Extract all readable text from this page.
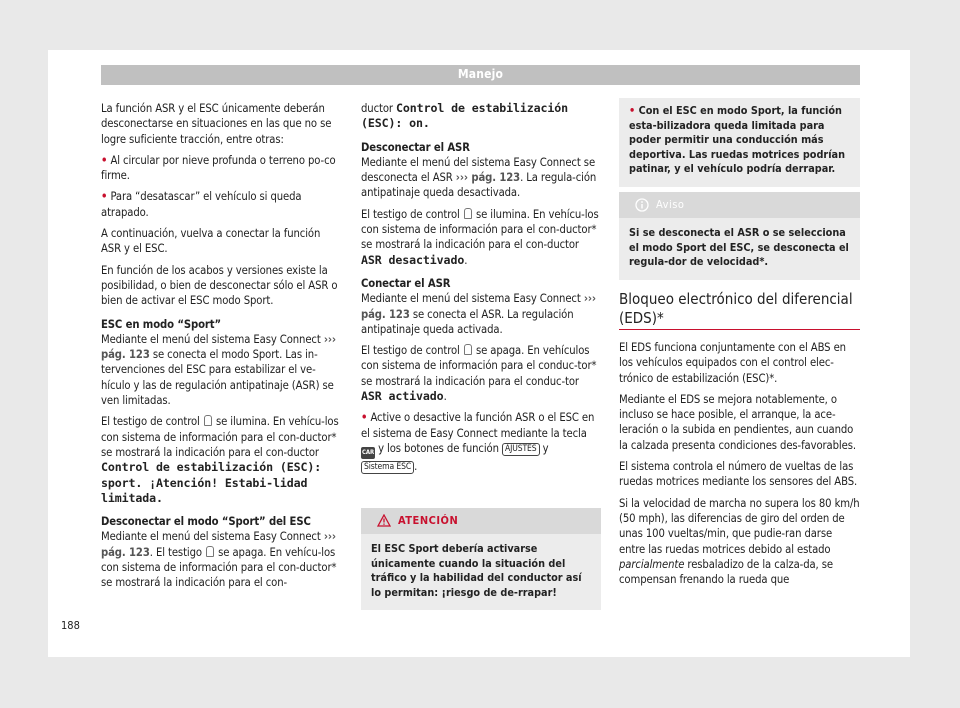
Manejo

La función ASR y el ESC únicamente deberán desconectarse en situaciones en las que no se logre suficiente tracción, entre otras:

• Al circular por nieve profunda o terreno po-co firme.

• Para “desatascar” el vehículo si queda atrapado.

A continuación, vuelva a conectar la función ASR y el ESC.

En función de los acabos y versiones existe la posibilidad, o bien de desconectar sólo el ASR o bien de activar el ESC modo Sport.

ESC en modo “Sport”

Mediante el menú del sistema Easy Connect ››› pág. 123 se conecta el modo Sport. Las in-tervenciones del ESC para estabilizar el ve-hículo y las de regulación antipatinaje (ASR) se ven limitadas.

El testigo de control  se ilumina. En vehícu-los con sistema de información para el con-ductor* se mostrará la indicación para el con-ductor Control de estabilización (ESC): sport. ¡Atención! Estabi-lidad limitada.

Desconectar el modo “Sport” del ESC

Mediante el menú del sistema Easy Connect ››› pág. 123. El testigo  se apaga. En vehícu-los con sistema de información para el con-ductor* se mostrará la indicación para el con-

ductor Control de estabilización (ESC): on.

Desconectar el ASR

Mediante el menú del sistema Easy Connect se desconecta el ASR ››› pág. 123. La regula-ción antipatinaje queda desactivada.

El testigo de control  se ilumina. En vehícu-los con sistema de información para el con-ductor* se mostrará la indicación para el con-ductor ASR desactivado.

Conectar el ASR

Mediante el menú del sistema Easy Connect ››› pág. 123 se conecta el ASR. La regulación antipatinaje queda activada.

El testigo de control  se apaga. En vehículos con sistema de información para el conduc-tor* se mostrará la indicación para el conduc-tor ASR activado.

• Active o desactive la función ASR o el ESC en el sistema de Easy Connect mediante la tecla CAR y los botones de función AJUSTES y Sistema ESC .

• Con el ESC en modo Sport, la función esta-bilizadora queda limitada para poder permitir una conducción más deportiva. Las ruedas motrices podrían patinar, y el vehículo podría derrapar.
Aviso
Si se desconecta el ASR o se selecciona el modo Sport del ESC, se desconecta el regula-dor de velocidad*.
ATENCIÓN
El ESC Sport debería activarse únicamente cuando la situación del tráfico y la habilidad del conductor así lo permitan: ¡riesgo de de-rrapar!
Bloqueo electrónico del diferencial (EDS)*

El EDS funciona conjuntamente con el ABS en los vehículos equipados con el control elec-trónico de estabilización (ESC)*.

Mediante el EDS se mejora notablemente, o incluso se hace posible, el arranque, la ace-leración o la subida en pendientes, aun cuando la calzada presenta condiciones des-favorables.

El sistema controla el número de vueltas de las ruedas motrices mediante los sensores del ABS.

Si la velocidad de marcha no supera los 80 km/h (50 mph), las diferencias de giro del orden de unas 100 vueltas/min, que pudie-ran darse entre las ruedas motrices debido al estado parcialmente resbaladizo de la calza-da, se compensan frenando la rueda que

188
